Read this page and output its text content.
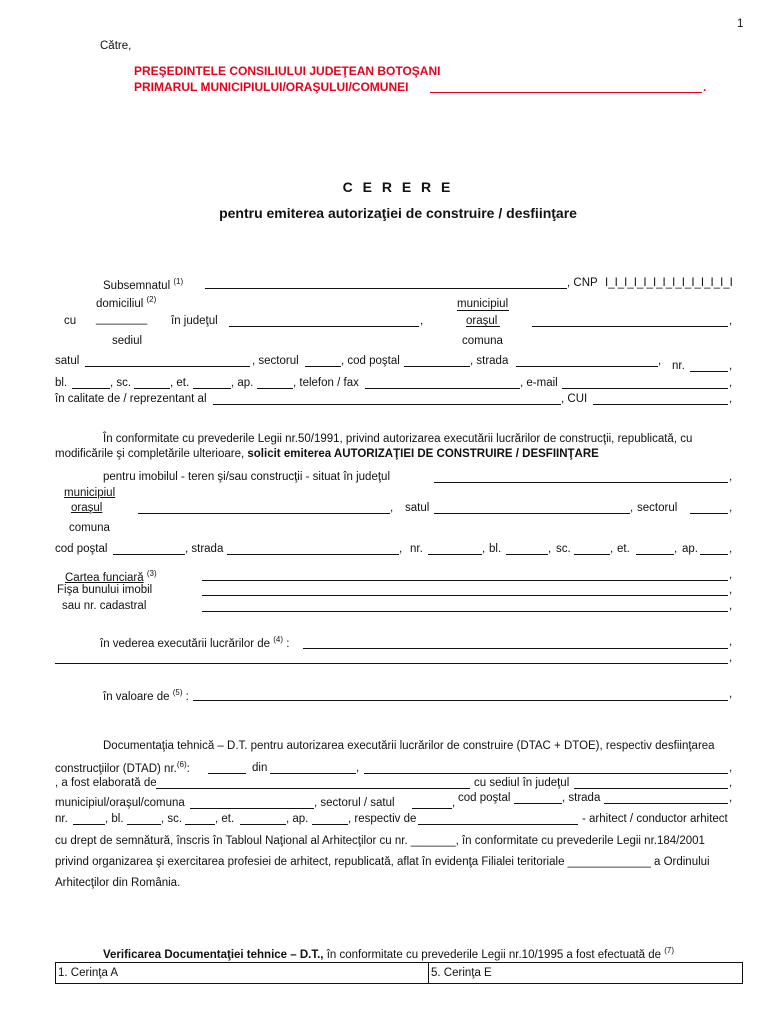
1
Către,
PREŞEDINTELE CONSILIULUI JUDEŢEAN BOTOŞANI
PRIMARUL MUNICIPIULUI/ORAŞULUI/COMUNEI	.
C E R E R E
pentru emiterea autorizaţiei de construire / desfiinţare
Subsemnatul $^{(1)}$	, CNP I_I_I_I_I_I_I_I_I_I_I_I_I_I
domiciliul $^{(2)}$	municipiul
cu ________ în judeţul	,	oraşul	,
sediul	comuna
satul	, sectorul	, cod poştal	, strada	, nr.	,
bl.	, sc.	, et.	, ap.	, telefon / fax	, e-mail	,
în calitate de / reprezentant al	, CUI	,
În conformitate cu prevederile Legii nr.50/1991, privind autorizarea executării lucrărilor de construcţii, republicată, cu
modificările şi completările ulterioare, solicit emiterea AUTORIZAŢIEI DE CONSTRUIRE / DESFIINŢARE
pentru imobilul - teren şi/sau construcţii - situat în judeţul	,
municipiul
oraşul	, satul	, sectorul	,
comuna
cod poştal	, strada	, nr.	, bl.	, sc.	, et.	, ap.	,
Cartea funciară $^{(3)}$	,
Fişa bunului imobil	,
sau nr. cadastral	,
în vederea executării lucrărilor de $^{(4)}$ :	,
,
în valoare de $^{(5)}$ :	,
Documentaţia tehnică – D.T. pentru autorizarea executării lucrărilor de construire (DTAC + DTOE), respectiv desfiinţarea
construcţiilor (DTAD) nr.$^{(6)}$:	din	,	,
, a fost elaborată de	cu sediul în judeţul	,
municipiul/oraşul/comuna	, sectorul / satul	, cod poştal	, strada	,
nr.	, bl.	, sc.	, et.	, ap.	, respectiv de	- arhitect / conductor arhitect
cu drept de semnătură, înscris în Tabloul Naţional al Arhitecţilor cu nr. _______, în conformitate cu prevederile Legii nr.184/2001
privind organizarea şi exercitarea profesiei de arhitect, republicată, aflat în evidenţa Filialei teritoriale _____________ a Ordinului
Arhitecţilor din România.
Verificarea Documentaţiei tehnice – D.T., în conformitate cu prevederile Legii nr.10/1995 a fost efectuată de $^{(7)}$
1. Cerinţa A	5. Cerinţa E
